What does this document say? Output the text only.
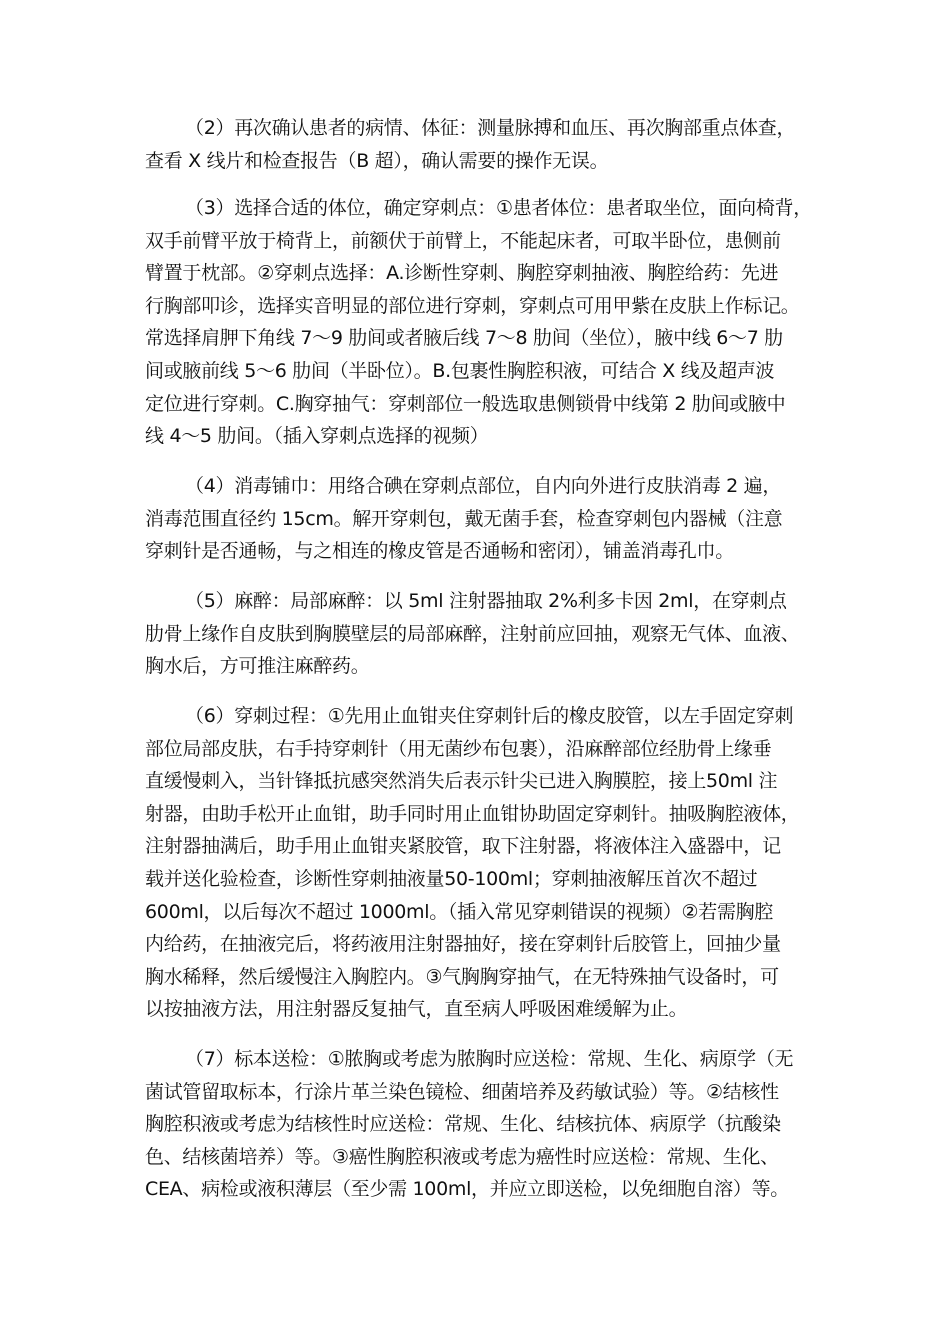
（2）再次确认患者的病情、体征：测量脉搏和血压、再次胸部重点体查，
查看 X 线片和检查报告（B 超），确认需要的操作无误。
（3）选择合适的体位，确定穿刺点：①患者体位：患者取坐位，面向椅背，
双手前臂平放于椅背上，前额伏于前臂上，不能起床者，可取半卧位，患侧前
臂置于枕部。②穿刺点选择：A.诊断性穿刺、胸腔穿刺抽液、胸腔给药：先进
行胸部叩诊，选择实音明显的部位进行穿刺，穿刺点可用甲紫在皮肤上作标记。
常选择肩胛下角线 7～9 肋间或者腋后线 7～8 肋间（坐位），腋中线 6～7 肋
间或腋前线 5～6 肋间（半卧位）。B.包裹性胸腔积液，可结合 X 线及超声波
定位进行穿刺。C.胸穿抽气：穿刺部位一般选取患侧锁骨中线第 2 肋间或腋中
线 4～5 肋间。（插入穿刺点选择的视频）
（4）消毒铺巾：用络合碘在穿刺点部位，自内向外进行皮肤消毒 2 遍，
消毒范围直径约 15cm。解开穿刺包，戴无菌手套，检查穿刺包内器械（注意
穿刺针是否通畅，与之相连的橡皮管是否通畅和密闭），铺盖消毒孔巾。
（5）麻醉：局部麻醉：以 5ml 注射器抽取 2%利多卡因 2ml，在穿刺点
肋骨上缘作自皮肤到胸膜壁层的局部麻醉，注射前应回抽，观察无气体、血液、
胸水后，方可推注麻醉药。
（6）穿刺过程：①先用止血钳夹住穿刺针后的橡皮胶管，以左手固定穿刺
部位局部皮肤，右手持穿刺针（用无菌纱布包裹），沿麻醉部位经肋骨上缘垂
直缓慢刺入，当针锋抵抗感突然消失后表示针尖已进入胸膜腔，接上50ml 注
射器，由助手松开止血钳，助手同时用止血钳协助固定穿刺针。抽吸胸腔液体，
注射器抽满后，助手用止血钳夹紧胶管，取下注射器，将液体注入盛器中，记
载并送化验检查，诊断性穿刺抽液量50-100ml；穿刺抽液解压首次不超过
600ml，以后每次不超过 1000ml。（插入常见穿刺错误的视频）②若需胸腔
内给药，在抽液完后，将药液用注射器抽好，接在穿刺针后胶管上，回抽少量
胸水稀释，然后缓慢注入胸腔内。③气胸胸穿抽气，在无特殊抽气设备时，可
以按抽液方法，用注射器反复抽气，直至病人呼吸困难缓解为止。
（7）标本送检：①脓胸或考虑为脓胸时应送检：常规、生化、病原学（无
菌试管留取标本，行涂片革兰染色镜检、细菌培养及药敏试验）等。②结核性
胸腔积液或考虑为结核性时应送检：常规、生化、结核抗体、病原学（抗酸染
色、结核菌培养）等。③癌性胸腔积液或考虑为癌性时应送检：常规、生化、
CEA、病检或液积薄层（至少需 100ml，并应立即送检，以免细胞自溶）等。
